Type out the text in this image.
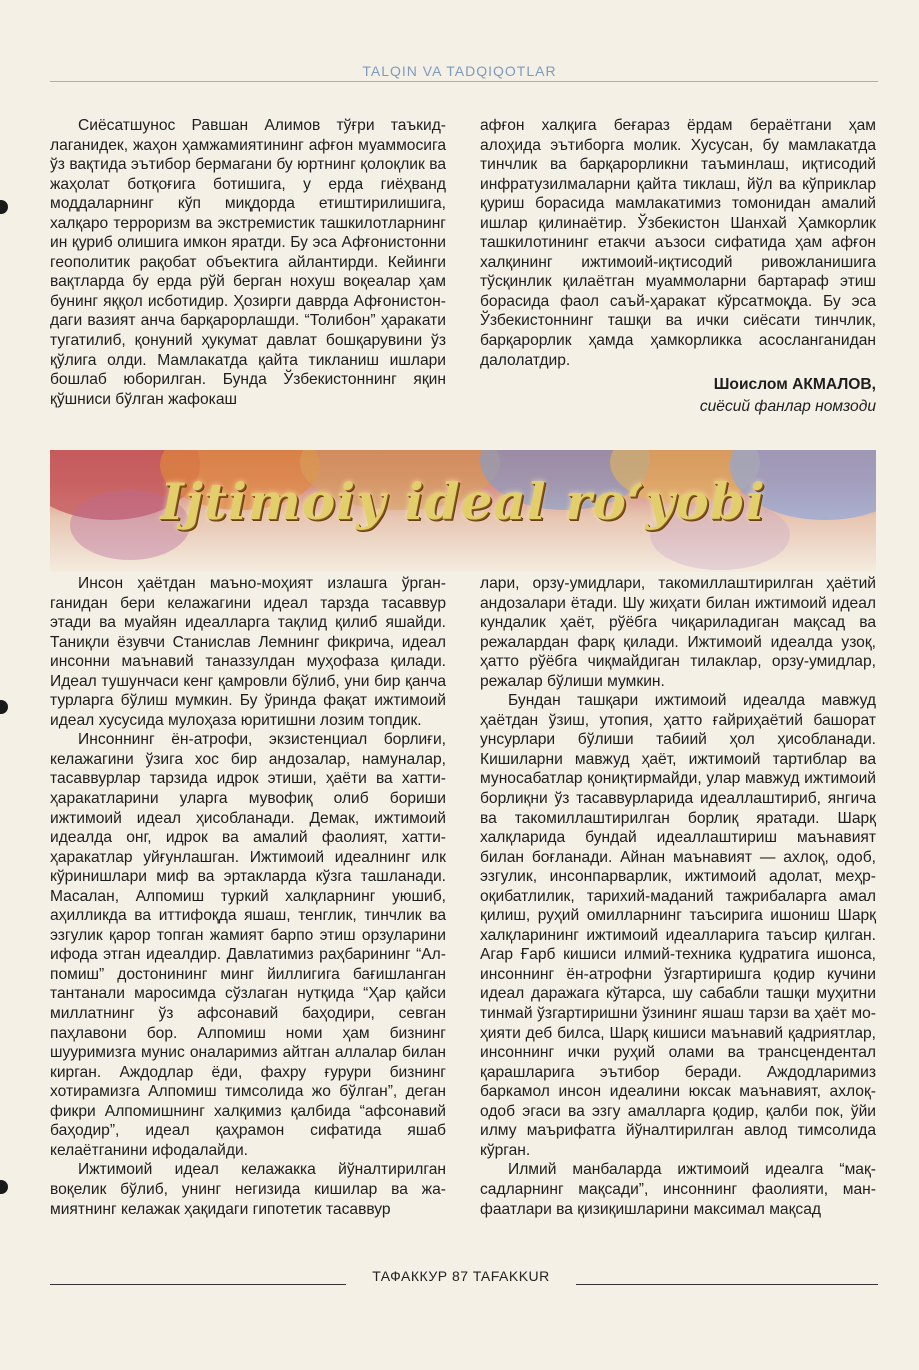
TALQIN VA TADQIQOTLAR

Сиёсатшунос Равшан Алимов тўғри таъкидлаганидек, жаҳон ҳамжамиятининг афғон муаммосига ўз вақтида эътибор бермагани бу юртнинг қолоқлик ва жаҳолат ботқоғига ботишига, у ерда гиёҳванд моддаларнинг кўп миқдорда етиштирилишига, халқаро терроризм ва экстремистик ташкилотларнинг ин қуриб олишига имкон яратди. Бу эса Афғонистонни геополитик рақобат объектига айлантирди. Кейинги вақтларда бу ерда рўй берган ноxуш воқеалар ҳам бунинг яққол исботидир. Ҳозирги даврда Афғонистондаги вазият анча барқарорлашди. “Толибон” ҳаракати тугатилиб, қонуний ҳукумат давлат бошқарувини ўз қўлига олди. Мамлакатда қайта тикланиш ишлари бошлаб юборилган. Бунда Ўзбекистоннинг яқин қўшниси бўлган жафокаш

афғон халқига беғараз ёрдам бераётгани ҳам алоҳида эътиборга молик. Хусусан, бу мамлакатда тинчлик ва барқарорликни таъминлаш, иқтисодий инфратузилмаларни қайта тиклаш, йўл ва кўприклар қуриш борасида мамлакатимиз томонидан амалий ишлар қилинаётир. Ўзбекистон Шанхай Ҳамкорлик ташкилотининг етакчи аъзоси сифатида ҳам афғон халқининг ижтимоий-иқтисодий ривожланишига тўсқинлик қилаётган муаммоларни бартараф этиш борасида фаол саъй-ҳаракат кўрсатмоқда. Бу эса Ўзбекистоннинг ташқи ва ички сиёсати тинчлик, барқарорлик ҳамда ҳамкорликка асосланганидан далолатдир.

Шоислом АКМАЛОВ,
сиёсий фанлар номзоди
Ijtimoiy ideal ro‘yobi

Инсон ҳаётдан маъно-моҳият излашга ўрганганидан бери келажагини идеал тарзда тасаввур этади ва муайян идеалларга тақлид қилиб яшайди. Таниқли ёзувчи Станислав Лемнинг фикрича, идеал инсонни маънавий таназзулдан муҳофаза қилади. Идеал тушунчаси кенг қамровли бўлиб, уни бир қанча турларга бўлиш мумкин. Бу ўринда фақат ижтимоий идеал хусусида мулоҳаза юритишни лозим топдик.

Инсоннинг ён-атрофи, экзистенциал борлиғи, келажагини ўзига хос бир андозалар, намуналар, тасаввурлар тарзида идрок этиши, ҳаёти ва хатти-ҳаракатларини уларга мувофиқ олиб бориши ижтимоий идеал ҳисобланади. Демак, ижтимоий идеалда онг, идрок ва амалий фаолият, хатти-ҳаракатлар уйғунлашган. Ижтимоий идеалнинг илк кўринишлари миф ва эртакларда кўзга ташланади. Масалан, Алпомиш туркий халқларнинг уюшиб, аҳилликда ва иттифоқда яшаш, тенглик, тинчлик ва эзгулик қарор топган жамият барпо этиш орзуларини ифода этган идеалдир. Давлатимиз раҳбарининг “Алпомиш” достонининг минг йиллигига бағишланган тантанали маросимда сўзлаган нутқида “Ҳар қайси миллатнинг ўз афсонавий баҳодири, севган паҳлавони бор. Алпомиш номи ҳам бизнинг шууримизга мунис оналаримиз айтган аллалар билан кирган. Аждодлар ёди, фахру ғурури бизнинг хотирамизга Алпомиш тимсолида жо бўлган”, деган фикри Алпомишнинг халқимиз қалбида “афсонавий баҳодир”, идеал қаҳрамон сифатида яшаб келаётганини ифодалайди.

Ижтимоий идеал келажакка йўналтирилган воқелик бўлиб, унинг негизида кишилар ва жамиятнинг келажак ҳақидаги гипотетик тасаввур

лари, орзу-умидлари, такомиллаштирилган ҳаётий андозалари ётади. Шу жиҳати билан ижтимоий идеал кундалик ҳаёт, рўёбга чиқариладиган мақсад ва режалардан фарқ қилади. Ижтимоий идеалда узоқ, ҳатто рўёбга чиқмайдиган тилаклар, орзу-умидлар, режалар бўлиши мумкин.

Бундан ташқари ижтимоий идеалда мавжуд ҳаётдан ўзиш, утопия, ҳатто ғайриҳаётий башорат унсурлари бўлиши табиий ҳол ҳисобланади. Кишиларни мавжуд ҳаёт, ижтимоий тартиблар ва муносабатлар қониқтирмайди, улар мавжуд ижтимоий борлиқни ўз тасаввурларида идеаллаштириб, янгича ва такомиллаштирилган борлиқ яратади. Шарқ халқларида бундай идеаллаштириш маънавият билан боғланади. Айнан маънавият — аxлоқ, одоб, эзгулик, инсонпарварлик, ижтимоий адолат, меҳр-оқибатлилик, тарихий-маданий тажрибаларга амал қилиш, руҳий омилларнинг таъсирига ишониш Шарқ халқларининг ижтимоий идеалларига таъсир қилган. Агар Ғарб кишиси илмий-техника қудратига ишонса, инсоннинг ён-атрофни ўзгартиришга қодир кучини идеал даражага кўтарса, шу сабабли ташқи муҳитни тинмай ўзгартиришни ўзининг яшаш тарзи ва ҳаёт моҳияти деб билса, Шарқ кишиси маънавий қадриятлар, инсоннинг ички руҳий олами ва трансцендентал қарашларига эътибор беради. Аждодларимиз баркамол инсон идеалини юксак маънавият, аxлоқ-одоб эгаси ва эзгу амалларга қодир, қалби пок, ўйи илму маърифатга йўналтирилган авлод тимсолида кўрган.

Илмий манбаларда ижтимоий идеалга “мақсадларнинг мақсади”, инсоннинг фаолияти, манфаатлари ва қизиқишларини максимал мақсад

ТАФАККУР 87 TAFAKKUR
